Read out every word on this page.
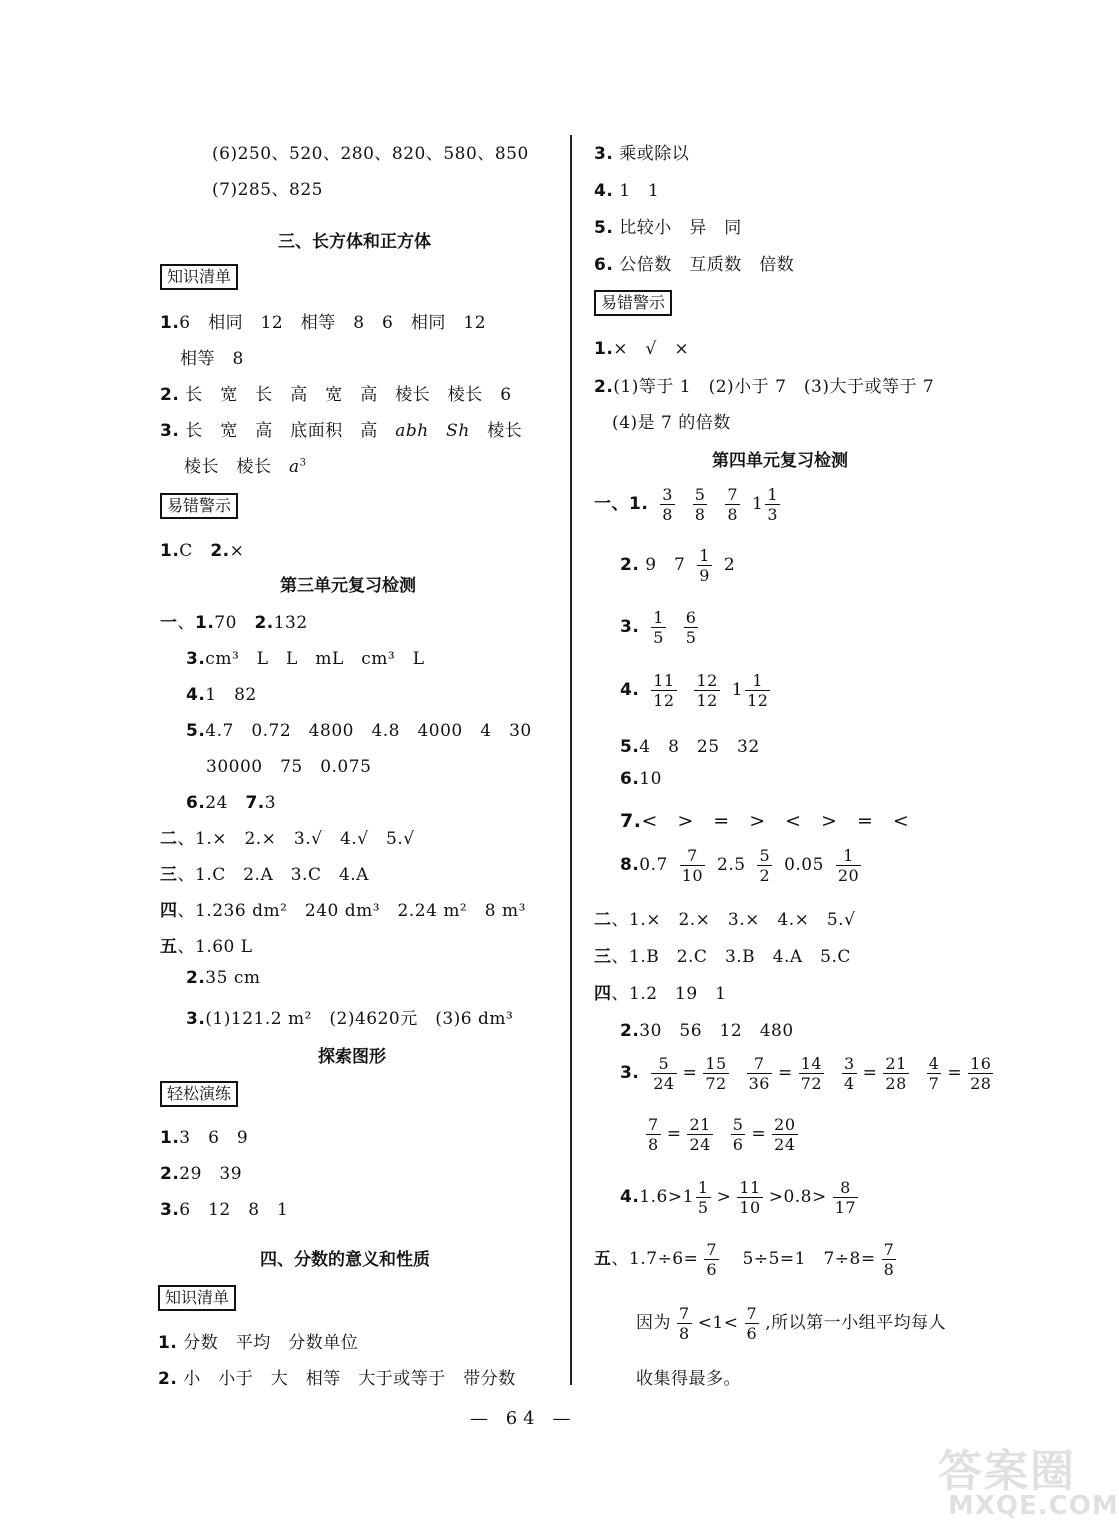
(6)250、520、280、820、580、850
(7)285、825
三、长方体和正方体
知识清单
1.6　相同　12　相等　8　6　相同　12
相等　8
2. 长　宽　长　高　宽　高　棱长　棱长　6
3. 长　宽　高　底面积　高　abh　 Sh　 棱长
棱长　棱长　$a^3$
易错警示
1.C　2.×
第三单元复习检测
一、1.70　2.132
3.cm³　L　L　mL　cm³　L
4.1　82
5.4.7　0.72　4800　4.8　4000　4　30
30000　75　0.075
6.24　7.3
二、1.×　2.×　3.√　4.√　5.√
三、1.C　2.A　3.C　4.A
四、1.236 dm²　240 dm³　2.24 m²　8 m³
五、1.60 L
2.35 cm
3.(1)121.2 m²　(2)4620元　(3)6 dm³
探索图形
轻松演练
1.3　6　9
2.29　39
3.6　12　8　1
四、分数的意义和性质
知识清单
1. 分数　平均　分数单位
2. 小　小于　大　相等　大于或等于　带分数
3. 乘或除以
4. 1　1
5. 比较小　异　同
6. 公倍数　互质数　倍数
易错警示
1.×　√　×
2.(1)等于 1　(2)小于 7　(3)大于或等于 7
(4)是 7 的倍数
第四单元复习检测
一、1. $\frac{3}{8}$
$\frac{5}{8}$
$\frac{7}{8} 1 \frac{1}{3}$
2. 9　$7 \frac{1}{9} 2$
3. $\frac{1}{5}$
$\frac{6}{5}$
4. $\frac{11}{12}$
$\frac{12}{12} 1 \frac{1}{12}$
5.4　8　25　32
6.10
7.<　>　=　>　<　>　=　<
$8.0.7 \frac{7}{10} 2.5 \frac{5}{2} 0.05 \frac{1}{20}$
二、1.×　2.×　3.×　4.×　5.√
三、1.B　2.C　3.B　4.A　5.C
四、1.2　19　1
2.30　56　12　480
3. $\frac{5}{24} = \frac{15}{72}$
$\frac{7}{36} = \frac{14}{72}$
$\frac{3}{4} = \frac{21}{28}$
$\frac{4}{7} = \frac{16}{28}$
$\frac{7}{8} = \frac{21}{24}$
$\frac{5}{6} = \frac{20}{24}$
$4.1.6>1 \frac{1}{5} > \frac{11}{10} >0.8> \frac{8}{17}$
五、$1.7\div 6= \frac{7}{6}$ 　5÷5=1　$7\div 8= \frac{7}{8}$
因为 $\frac{7}{8} <1< \frac{7}{6}$ ,所以第一小组平均每人
收集得最多。
— 64 —
答案圈
MXQE.COM
